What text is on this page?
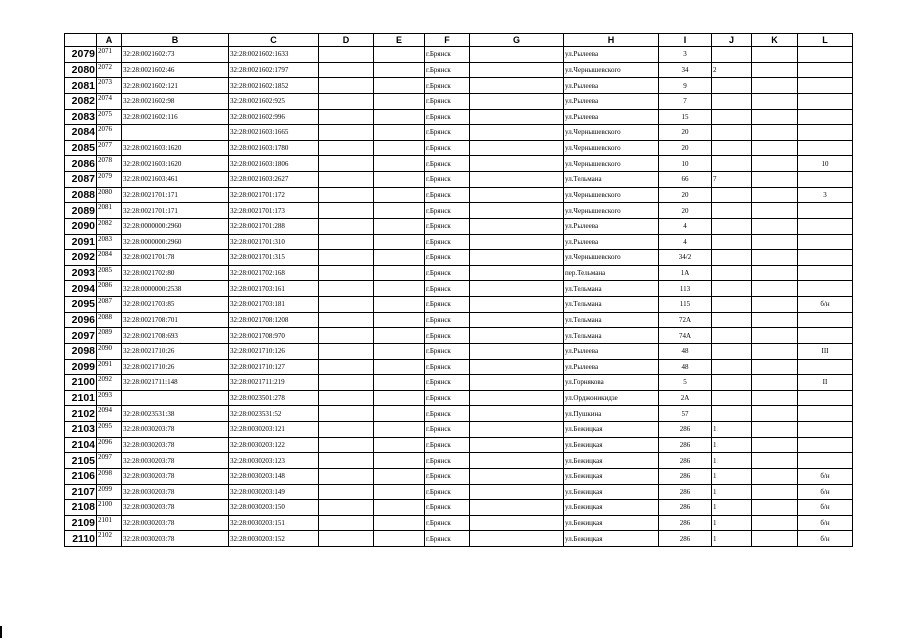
	A	B	C	D	E	F	G	H	I	J	K	L
2079	2071	32:28:0021602:73	32:28:0021602:1633			г.Брянск		ул.Рылеева	3			
2080	2072	32:28:0021602:46	32:28:0021602:1797			г.Брянск		ул.Чернышевского	34	2		
2081	2073	32:28:0021602:121	32:28:0021602:1852			г.Брянск		ул.Рылеева	9			
2082	2074	32:28:0021602:98	32:28:0021602:925			г.Брянск		ул.Рылеева	7			
2083	2075	32:28:0021602:116	32:28:0021602:996			г.Брянск		ул.Рылеева	15			
2084	2076		32:28:0021603:1665			г.Брянск		ул.Чернышевского	20			
2085	2077	32:28:0021603:1620	32:28:0021603:1780			г.Брянск		ул.Чернышевского	20			
2086	2078	32:28:0021603:1620	32:28:0021603:1806			г.Брянск		ул.Чернышевского	10			10
2087	2079	32:28:0021603:461	32:28:0021603:2627			г.Брянск		ул.Тельмана	66	7		
2088	2080	32:28:0021701:171	32:28:0021701:172			г.Брянск		ул.Чернышевского	20			3
2089	2081	32:28:0021701:171	32:28:0021701:173			г.Брянск		ул.Чернышевского	20			
2090	2082	32:28:0000000:2960	32:28:0021701:288			г.Брянск		ул.Рылеева	4			
2091	2083	32:28:0000000:2960	32:28:0021701:310			г.Брянск		ул.Рылеева	4			
2092	2084	32:28:0021701:78	32:28:0021701:315			г.Брянск		ул.Чернышевского	34/2			
2093	2085	32:28:0021702:80	32:28:0021702:168			г.Брянск		пер.Тельмана	1А			
2094	2086	32:28:0000000:2538	32:28:0021703:161			г.Брянск		ул.Тельмана	113			
2095	2087	32:28:0021703:85	32:28:0021703:181			г.Брянск		ул.Тельмана	115			б/н
2096	2088	32:28:0021708:701	32:28:0021708:1208			г.Брянск		ул.Тельмана	72А			
2097	2089	32:28:0021708:693	32:28:0021708:970			г.Брянск		ул.Тельмана	74А			
2098	2090	32:28:0021710:26	32:28:0021710:126			г.Брянск		ул.Рылеева	48			III
2099	2091	32:28:0021710:26	32:28:0021710:127			г.Брянск		ул.Рылеева	48			
2100	2092	32:28:0021711:148	32:28:0021711:219			г.Брянск		ул.Горнякова	5			II
2101	2093		32:28:0023501:278			г.Брянск		ул.Орджоникидзе	2А			
2102	2094	32:28:0023531:38	32:28:0023531:52			г.Брянск		ул.Пушкина	57			
2103	2095	32:28:0030203:78	32:28:0030203:121			г.Брянск		ул.Бежицкая	286	1		
2104	2096	32:28:0030203:78	32:28:0030203:122			г.Брянск		ул.Бежицкая	286	1		
2105	2097	32:28:0030203:78	32:28:0030203:123			г.Брянск		ул.Бежицкая	286	1		
2106	2098	32:28:0030203:78	32:28:0030203:148			г.Брянск		ул.Бежицкая	286	1		б/н
2107	2099	32:28:0030203:78	32:28:0030203:149			г.Брянск		ул.Бежицкая	286	1		б/н
2108	2100	32:28:0030203:78	32:28:0030203:150			г.Брянск		ул.Бежицкая	286	1		б/н
2109	2101	32:28:0030203:78	32:28:0030203:151			г.Брянск		ул.Бежицкая	286	1		б/н
2110	2102	32:28:0030203:78	32:28:0030203:152			г.Брянск		ул.Бежицкая	286	1		б/н
